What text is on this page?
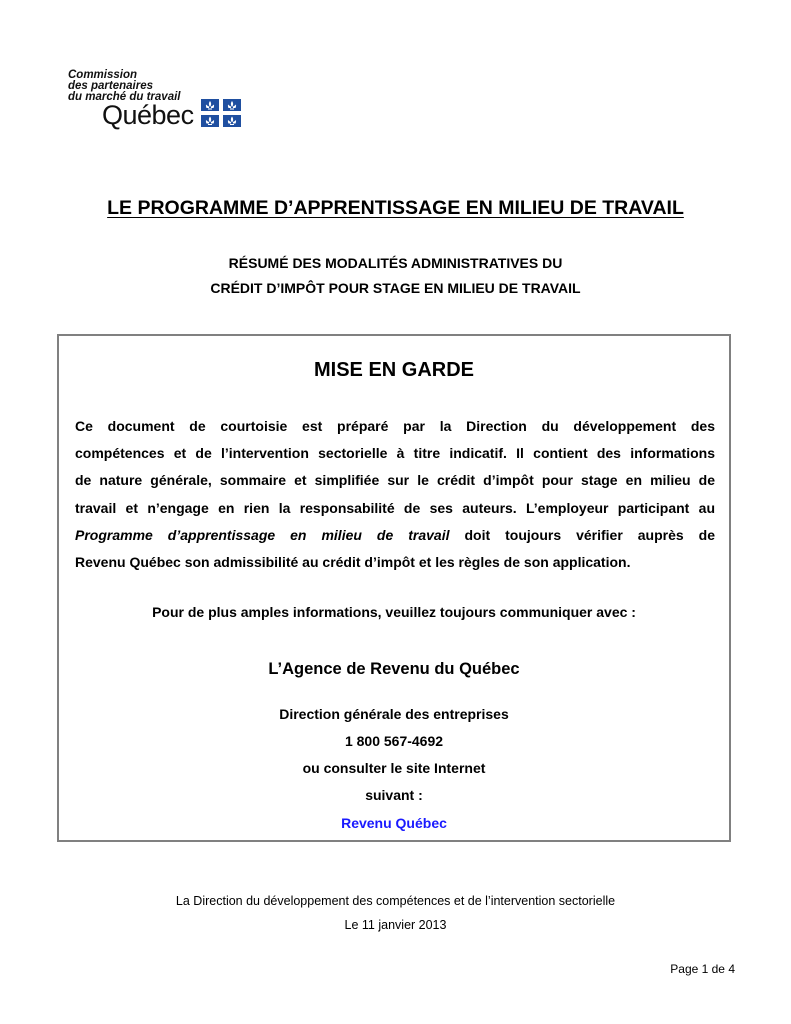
Commission
des partenaires
du marché du travail
Québec
LE PROGRAMME D’APPRENTISSAGE EN MILIEU DE TRAVAIL
RÉSUMÉ DES MODALITÉS ADMINISTRATIVES DU
CRÉDIT D’IMPÔT POUR STAGE EN MILIEU DE TRAVAIL
MISE EN GARDE
Ce document de courtoisie est préparé par la Direction du développement des
compétences et de l’intervention sectorielle à titre indicatif. Il contient des informations
de nature générale, sommaire et simplifiée sur le crédit d’impôt pour stage en milieu de
travail et n’engage en rien la responsabilité de ses auteurs. L’employeur participant au
Programme d’apprentissage en milieu de travail doit toujours vérifier auprès de
Revenu Québec son admissibilité au crédit d’impôt et les règles de son application.
Pour de plus amples informations, veuillez toujours communiquer avec :
L’Agence de Revenu du Québec
Direction générale des entreprises
1 800 567-4692
ou consulter le site Internet
suivant :
Revenu Québec
La Direction du développement des compétences et de l’intervention sectorielle
Le 11 janvier 2013
Page 1 de 4
